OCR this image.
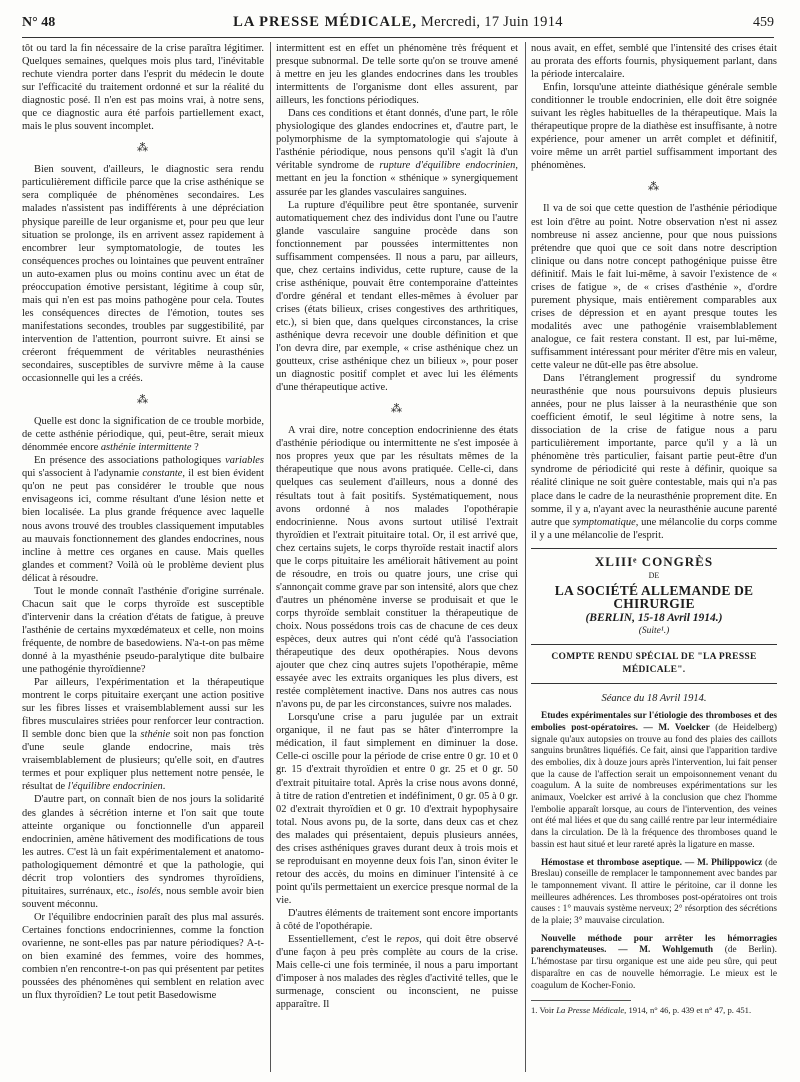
N° 48	LA PRESSE MÉDICALE, Mercredi, 17 Juin 1914	459

tôt ou tard la fin nécessaire de la crise paraîtra légitimer. Quelques semaines, quelques mois plus tard, l'inévitable rechute viendra porter dans l'esprit du médecin le doute sur l'efficacité du traitement ordonné et sur la réalité du diagnostic posé. Il n'en est pas moins vrai, à notre sens, que ce diagnostic aura été parfois partiellement exact, mais le plus souvent incomplet.

⁂

Bien souvent, d'ailleurs, le diagnostic sera rendu particulièrement difficile parce que la crise asthénique se sera compliquée de phénomènes secondaires. Les malades n'assistent pas indifférents à une dépréciation physique pareille de leur organisme et, pour peu que leur situation se prolonge, ils en arrivent assez rapidement à encombrer leur symptomatologie, de toutes les conséquences proches ou lointaines que peuvent entraîner un auto-examen plus ou moins continu avec un état de préoccupation émotive persistant, légitime à coup sûr, mais qui n'en est pas moins pathogène pour cela. Toutes les conséquences directes de l'émotion, toutes ses manifestations secondes, troubles par suggestibilité, par intervention de l'attention, pourront suivre. Et ainsi se créeront fréquemment de véritables neurasthénies secondaires, susceptibles de survivre même à la cause occasionnelle qui les a créés.

⁂

Quelle est donc la signification de ce trouble morbide, de cette asthénie périodique, qui, peut-être, serait mieux dénommée encore asthénie intermittente ?

En présence des associations pathologiques variables qui s'associent à l'adynamie constante, il est bien évident qu'on ne peut pas considérer le trouble que nous envisageons ici, comme résultant d'une lésion nette et bien localisée. La plus grande fréquence avec laquelle nous avons trouvé des troubles classiquement imputables au mauvais fonctionnement des glandes endocrines, nous incline à mettre ces organes en cause. Mais quelles glandes et comment? Voilà où le problème devient plus délicat à résoudre.

Tout le monde connaît l'asthénie d'origine surrénale. Chacun sait que le corps thyroïde est susceptible d'intervenir dans la création d'états de fatigue, à preuve l'asthénie de certains myxœdémateux et celle, non moins fréquente, de nombre de basedowiens. N'a-t-on pas même donné à la myasthénie pseudo-paralytique dite bulbaire une pathogénie thyroïdienne?

Par ailleurs, l'expérimentation et la thérapeutique montrent le corps pituitaire exerçant une action positive sur les fibres lisses et vraisemblablement aussi sur les fibres musculaires striées pour renforcer leur contraction. Il semble donc bien que la sthénie soit non pas fonction d'une seule glande endocrine, mais très vraisemblablement de plusieurs; qu'elle soit, en d'autres termes et pour expliquer plus nettement notre pensée, le résultat de l'équilibre endocrinien.

D'autre part, on connaît bien de nos jours la solidarité des glandes à sécrétion interne et l'on sait que toute atteinte organique ou fonctionnelle d'un appareil endocrinien, amène hâtivement des modifications de tous les autres. C'est là un fait expérimentalement et anatomo-pathologiquement démontré et que la pathologie, qui décrit trop volontiers des syndromes thyroïdiens, pituitaires, surrénaux, etc., isolés, nous semble avoir bien souvent méconnu.

Or l'équilibre endocrinien paraît des plus mal assurés. Certaines fonctions endocriniennes, comme la fonction ovarienne, ne sont-elles pas par nature périodiques? A-t-on bien examiné des femmes, voire des hommes, combien n'en rencontre-t-on pas qui présentent par petites poussées des phénomènes qui semblent en relation avec un flux thyroïdien? Le tout petit Basedowisme

intermittent est en effet un phénomène très fréquent et presque subnormal. De telle sorte qu'on se trouve amené à mettre en jeu les glandes endocrines dans les troubles intermittents de l'organisme dont elles assurent, par ailleurs, les fonctions périodiques.

Dans ces conditions et étant donnés, d'une part, le rôle physiologique des glandes endocrines et, d'autre part, le polymorphisme de la symptomatologie qui s'ajoute à l'asthénie périodique, nous pensons qu'il s'agit là d'un véritable syndrome de rupture d'équilibre endocrinien, mettant en jeu la fonction « sthénique » synergiquement assurée par les glandes vasculaires sanguines.

La rupture d'équilibre peut être spontanée, survenir automatiquement chez des individus dont l'une ou l'autre glande vasculaire sanguine procède dans son fonctionnement par poussées intermittentes non suffisamment compensées. Il nous a paru, par ailleurs, que, chez certains individus, cette rupture, cause de la crise asthénique, pouvait être contemporaine d'atteintes d'ordre général et tendant elles-mêmes à évoluer par crises (états bilieux, crises congestives des arthritiques, etc.), si bien que, dans quelques circonstances, la crise asthénique devra recevoir une double définition et que l'on devra dire, par exemple, « crise asthénique chez un goutteux, crise asthénique chez un bilieux », pour poser un diagnostic positif complet et avec lui les éléments d'une thérapeutique active.

⁂

A vrai dire, notre conception endocrinienne des états d'asthénie périodique ou intermittente ne s'est imposée à nos propres yeux que par les résultats mêmes de la thérapeutique que nous avons pratiquée. Celle-ci, dans quelques cas seulement d'ailleurs, nous a donné des résultats tout à fait positifs. Systématiquement, nous avons ordonné à nos malades l'opothérapie endocrinienne. Nous avons surtout utilisé l'extrait thyroïdien et l'extrait pituitaire total. Or, il est arrivé que, chez certains sujets, le corps thyroïde restait inactif alors que le corps pituitaire les améliorait hâtivement au point de résoudre, en trois ou quatre jours, une crise qui s'annonçait comme grave par son intensité, alors que chez d'autres un phénomène inverse se produisait et que le corps thyroïde semblait constituer la thérapeutique de choix. Nous possédons trois cas de chacune de ces deux espèces, deux autres qui n'ont cédé qu'à l'association thérapeutique des deux opothérapies. Nous devons ajouter que chez cinq autres sujets l'opothérapie, même essayée avec les extraits organiques les plus divers, est restée complètement inactive. Dans nos autres cas nous n'avons pu, de par les circonstances, suivre nos malades.

Lorsqu'une crise a paru jugulée par un extrait organique, il ne faut pas se hâter d'interrompre la médication, il faut simplement en diminuer la dose. Celle-ci oscille pour la période de crise entre 0 gr. 10 et 0 gr. 15 d'extrait thyroïdien et entre 0 gr. 25 et 0 gr. 50 d'extrait pituitaire total. Après la crise nous avons donné, à titre de ration d'entretien et indéfiniment, 0 gr. 05 à 0 gr. 02 d'extrait thyroïdien et 0 gr. 10 d'extrait hypophysaire total. Nous avons pu, de la sorte, dans deux cas et chez des malades qui présentaient, depuis plusieurs années, des crises asthéniques graves durant deux à trois mois et se reproduisant en moyenne deux fois l'an, sinon éviter le retour des accès, du moins en diminuer l'intensité à ce point qu'ils permettaient un exercice presque normal de la vie.

D'autres éléments de traitement sont encore importants à côté de l'opothérapie.

Essentiellement, c'est le repos, qui doit être observé d'une façon à peu près complète au cours de la crise. Mais celle-ci une fois terminée, il nous a paru important d'imposer à nos malades des règles d'activité telles, que le surmenage, conscient ou inconscient, ne puisse apparaître. Il

nous avait, en effet, semblé que l'intensité des crises était au prorata des efforts fournis, physiquement parlant, dans la période intercalaire.

Enfin, lorsqu'une atteinte diathésique générale semble conditionner le trouble endocrinien, elle doit être soignée suivant les règles habituelles de la thérapeutique. Mais la thérapeutique propre de la diathèse est insuffisante, à notre expérience, pour amener un arrêt complet et définitif, voire même un arrêt partiel suffisamment important des phénomènes.

⁂

Il va de soi que cette question de l'asthénie périodique est loin d'être au point. Notre observation n'est ni assez nombreuse ni assez ancienne, pour que nous puissions prétendre que quoi que ce soit dans notre description clinique ou dans notre concept pathogénique puisse être définitif. Mais le fait lui-même, à savoir l'existence de « crises de fatigue », de « crises d'asthénie », d'ordre purement physique, mais entièrement comparables aux crises de dépression et en ayant presque toutes les modalités avec une pathogénie vraisemblablement analogue, ce fait restera constant. Il est, par lui-même, suffisamment intéressant pour mériter d'être mis en valeur, cette valeur ne dût-elle pas être absolue.

Dans l'étranglement progressif du syndrome neurasthénie que nous poursuivons depuis plusieurs années, pour ne plus laisser à la neurasthénie que son coefficient émotif, le seul légitime à notre sens, la dissociation de la crise de fatigue nous a paru particulièrement importante, parce qu'il y a là un phénomène très particulier, faisant partie peut-être d'un syndrome de périodicité qui reste à définir, quoique sa réalité clinique ne soit guère contestable, mais qui n'a pas place dans le cadre de la neurasthénie proprement dite. En somme, il y a, n'ayant avec la neurasthénie aucune parenté autre que symptomatique, une mélancolie du corps comme il y a une mélancolie de l'esprit.

XLIIIᵉ CONGRÈS
DE
LA SOCIÉTÉ ALLEMANDE DE CHIRURGIE
(BERLIN, 15-18 Avril 1914.)
(Suite¹.)
COMPTE RENDU SPÉCIAL DE "LA PRESSE MÉDICALE".
Séance du 18 Avril 1914.

Etudes expérimentales sur l'étiologie des thromboses et des embolies post-opératoires. — M. Voelcker (de Heidelberg) signale qu'aux autopsies on trouve au fond des plaies des caillots sanguins brunâtres liquéfiés. Ce fait, ainsi que l'apparition tardive des embolies, dix à douze jours après l'intervention, lui fait penser que la cause de l'affection serait un empoisonnement venant du coagulum. A la suite de nombreuses expérimentations sur les animaux, Voelcker est arrivé à la conclusion que chez l'homme l'embolie apparaît lorsque, au cours de l'intervention, des veines ont été mal liées et que du sang caillé rentre par leur intermédiaire dans la circulation. De là la fréquence des thromboses quand le bassin est haut situé et leur rareté après la ligature en masse.

Hémostase et thrombose aseptique. — M. Philippowicz (de Breslau) conseille de remplacer le tamponnement avec bandes par le tamponnement vivant. Il attire le péritoine, car il donne les meilleures adhérences. Les thromboses post-opératoires ont trois causes : 1° mauvais système nerveux; 2° résorption des sécrétions de la plaie; 3° mauvaise circulation.

Nouvelle méthode pour arrêter les hémorragies parenchymateuses. — M. Wohlgemuth (de Berlin). L'hémostase par tirsu organique est une aide peu sûre, qui peut disparaître en cas de nouvelle hémorragie. Le mieux est le coagulum de Kocher-Fonio.

1. Voir La Presse Médicale, 1914, n° 46, p. 439 et n° 47, p. 451.
